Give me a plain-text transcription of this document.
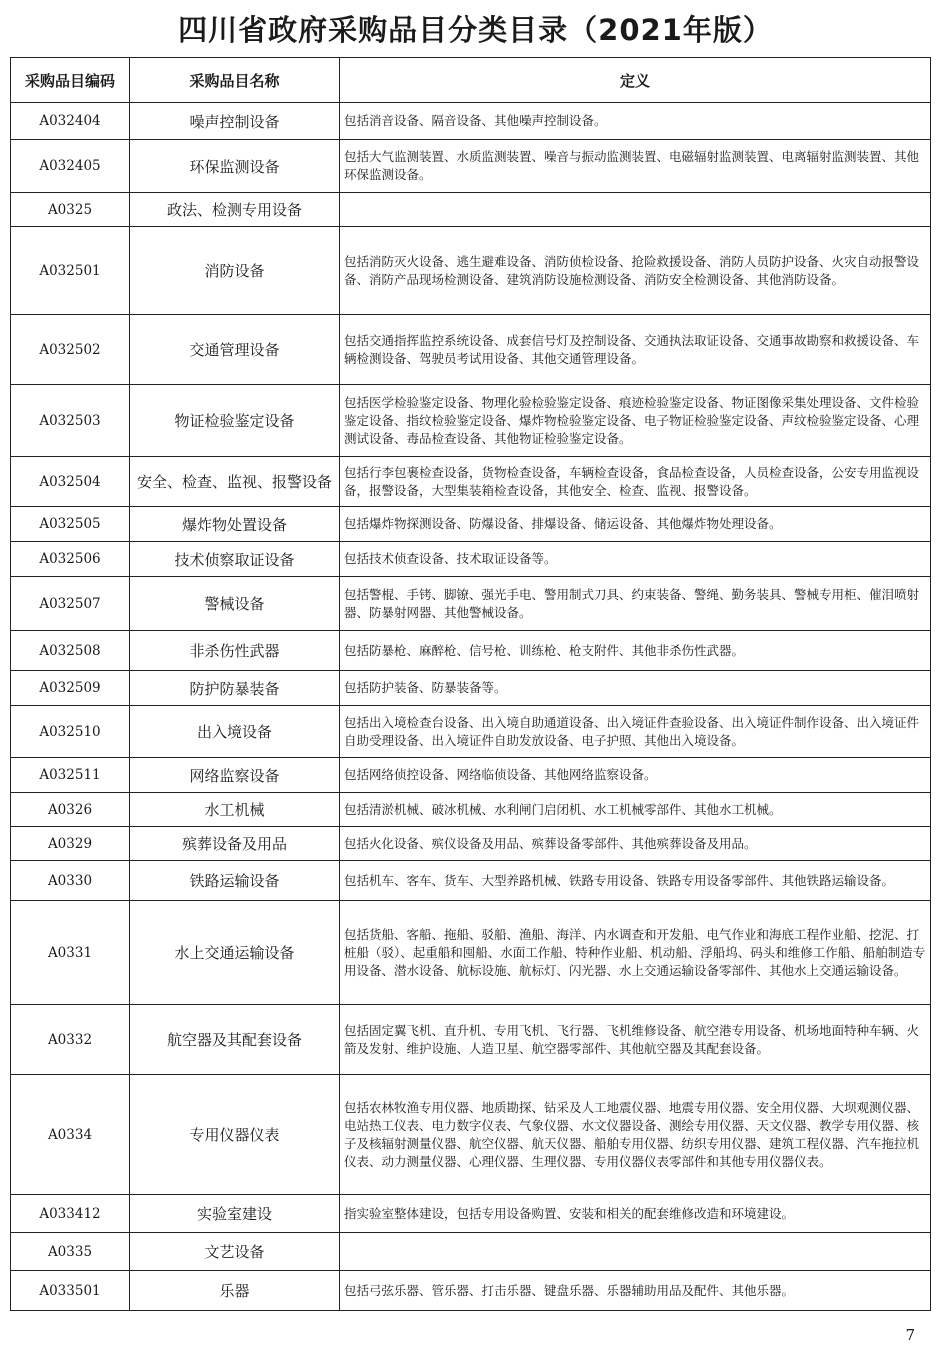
四川省政府采购品目分类目录（2021年版）
采购品目编码	采购品目名称	定义
A032404	噪声控制设备	包括消音设备、隔音设备、其他噪声控制设备。
A032405	环保监测设备	包括大气监测装置、水质监测装置、噪音与振动监测装置、电磁辐射监测装置、电离辐射监测装置、其他环保监测设备。
A0325	政法、检测专用设备	
A032501	消防设备	包括消防灭火设备、逃生避难设备、消防侦检设备、抢险救援设备、消防人员防护设备、火灾自动报警设备、消防产品现场检测设备、建筑消防设施检测设备、消防安全检测设备、其他消防设备。
A032502	交通管理设备	包括交通指挥监控系统设备、成套信号灯及控制设备、交通执法取证设备、交通事故勘察和救援设备、车辆检测设备、驾驶员考试用设备、其他交通管理设备。
A032503	物证检验鉴定设备	包括医学检验鉴定设备、物理化验检验鉴定设备、痕迹检验鉴定设备、物证图像采集处理设备、文件检验鉴定设备、指纹检验鉴定设备、爆炸物检验鉴定设备、电子物证检验鉴定设备、声纹检验鉴定设备、心理测试设备、毒品检查设备、其他物证检验鉴定设备。
A032504	安全、检查、监视、报警设备	包括行李包裹检查设备，货物检查设备，车辆检查设备，食品检查设备，人员检查设备，公安专用监视设备，报警设备，大型集装箱检查设备，其他安全、检查、监视、报警设备。
A032505	爆炸物处置设备	包括爆炸物探测设备、防爆设备、排爆设备、储运设备、其他爆炸物处理设备。
A032506	技术侦察取证设备	包括技术侦查设备、技术取证设备等。
A032507	警械设备	包括警棍、手铐、脚镣、强光手电、警用制式刀具、约束装备、警绳、勤务装具、警械专用柜、催泪喷射器、防暴射网器、其他警械设备。
A032508	非杀伤性武器	包括防暴枪、麻醉枪、信号枪、训练枪、枪支附件、其他非杀伤性武器。
A032509	防护防暴装备	包括防护装备、防暴装备等。
A032510	出入境设备	包括出入境检查台设备、出入境自助通道设备、出入境证件查验设备、出入境证件制作设备、出入境证件自助受理设备、出入境证件自助发放设备、电子护照、其他出入境设备。
A032511	网络监察设备	包括网络侦控设备、网络临侦设备、其他网络监察设备。
A0326	水工机械	包括清淤机械、破冰机械、水利闸门启闭机、水工机械零部件、其他水工机械。
A0329	殡葬设备及用品	包括火化设备、殡仪设备及用品、殡葬设备零部件、其他殡葬设备及用品。
A0330	铁路运输设备	包括机车、客车、货车、大型养路机械、铁路专用设备、铁路专用设备零部件、其他铁路运输设备。
A0331	水上交通运输设备	包括货船、客船、拖船、驳船、渔船、海洋、内水调查和开发船、电气作业和海底工程作业船、挖泥、打桩船（驳）、起重船和囤船、水面工作船、特种作业船、机动船、浮船坞、码头和维修工作船、船舶制造专用设备、潜水设备、航标设施、航标灯、闪光器、水上交通运输设备零部件、其他水上交通运输设备。
A0332	航空器及其配套设备	包括固定翼飞机、直升机、专用飞机、飞行器、飞机维修设备、航空港专用设备、机场地面特种车辆、火箭及发射、维护设施、人造卫星、航空器零部件、其他航空器及其配套设备。
A0334	专用仪器仪表	包括农林牧渔专用仪器、地质勘探、钻采及人工地震仪器、地震专用仪器、安全用仪器、大坝观测仪器、电站热工仪表、电力数字仪表、气象仪器、水文仪器设备、测绘专用仪器、天文仪器、教学专用仪器、核子及核辐射测量仪器、航空仪器、航天仪器、船舶专用仪器、纺织专用仪器、建筑工程仪器、汽车拖拉机仪表、动力测量仪器、心理仪器、生理仪器、专用仪器仪表零部件和其他专用仪器仪表。
A033412	实验室建设	指实验室整体建设，包括专用设备购置、安装和相关的配套维修改造和环境建设。
A0335	文艺设备	
A033501	乐器	包括弓弦乐器、管乐器、打击乐器、键盘乐器、乐器辅助用品及配件、其他乐器。
7
